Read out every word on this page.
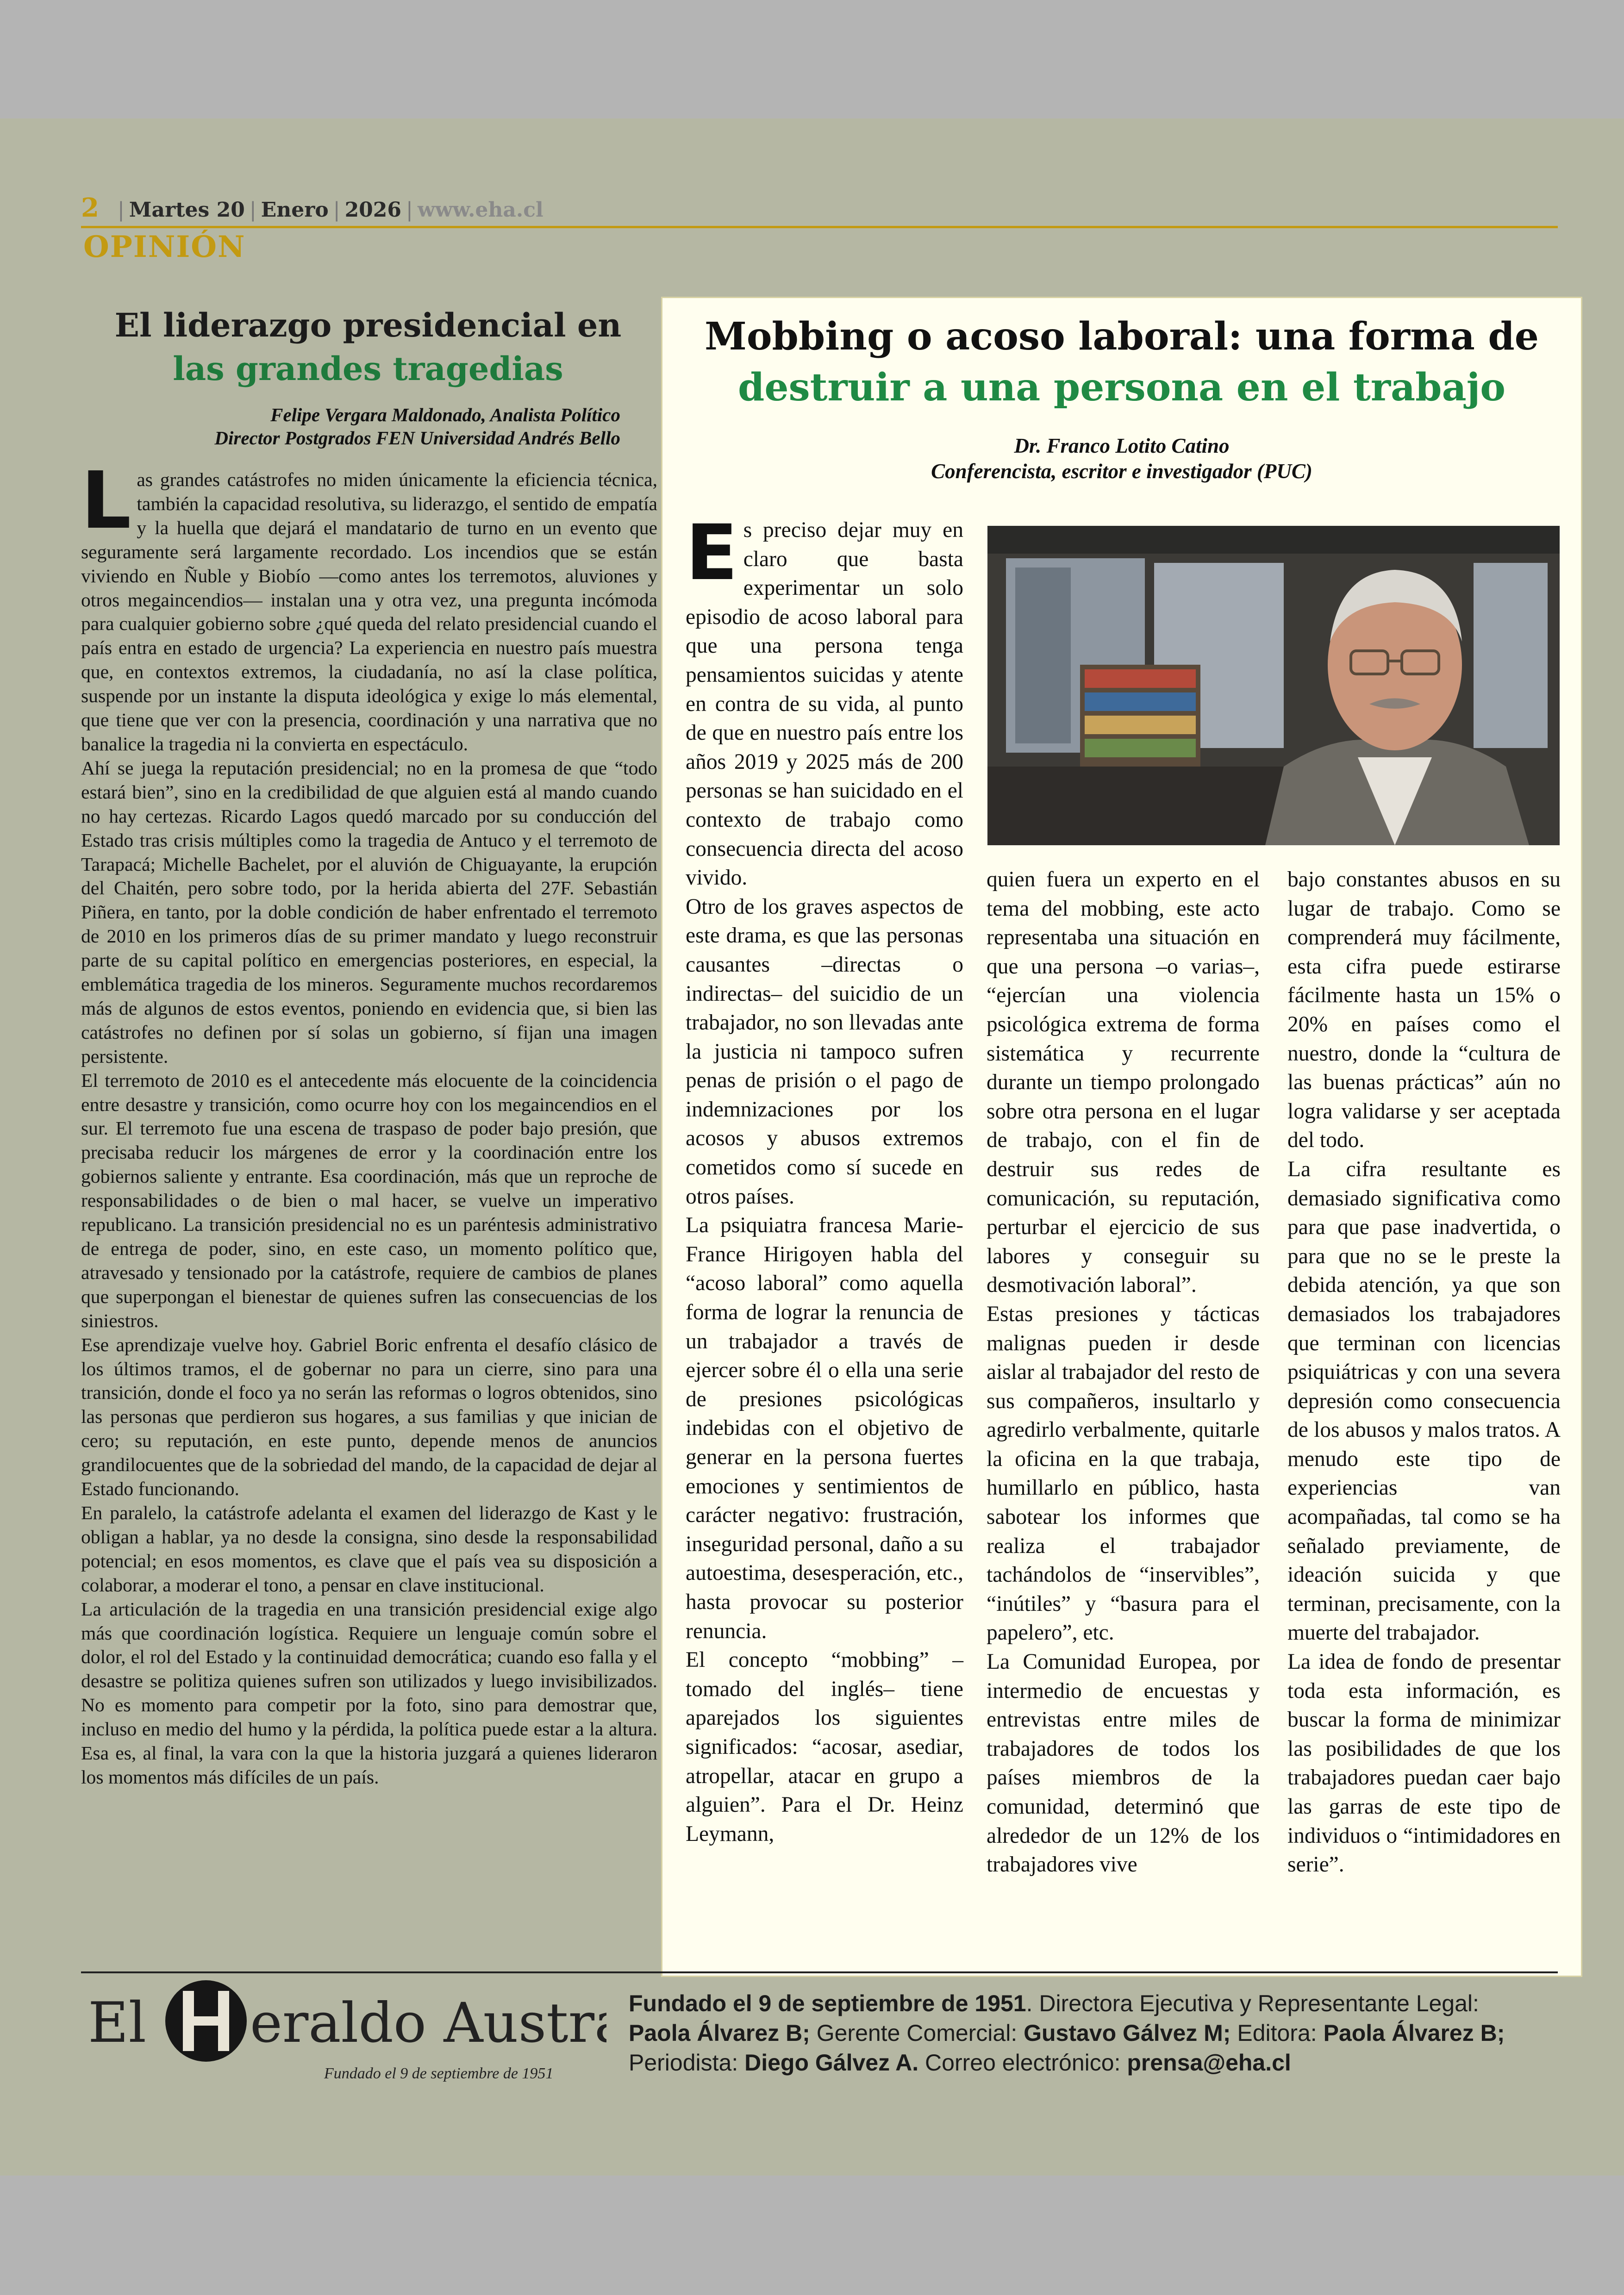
2 | Martes 20 | Enero | 2026 | www.eha.cl
OPINIÓN
El liderazgo presidencial en
las grandes tragedias
Felipe Vergara Maldonado, Analista Político
Director Postgrados FEN Universidad Andrés Bello
L as grandes catástrofes no miden únicamente la eficiencia técnica, también la capacidad resolutiva, su liderazgo, el sentido de empatía y la huella que dejará el mandatario de turno en un evento que seguramente será largamente recordado. Los incendios que se están viviendo en Ñuble y Biobío —como antes los terremotos, aluviones y otros megaincendios— instalan una y otra vez, una pregunta incómoda para cualquier gobierno sobre ¿qué queda del relato presidencial cuando el país entra en estado de urgencia? La experiencia en nuestro país muestra que, en contextos extremos, la ciudadanía, no así la clase política, suspende por un instante la disputa ideológica y exige lo más elemental, que tiene que ver con la presencia, coordinación y una narrativa que no banalice la tragedia ni la convierta en espectáculo.

Ahí se juega la reputación presidencial; no en la promesa de que “todo estará bien”, sino en la credibilidad de que alguien está al mando cuando no hay certezas. Ricardo Lagos quedó marcado por su conducción del Estado tras crisis múltiples como la tragedia de Antuco y el terremoto de Tarapacá; Michelle Bachelet, por el aluvión de Chiguayante, la erupción del Chaitén, pero sobre todo, por la herida abierta del 27F. Sebastián Piñera, en tanto, por la doble condición de haber enfrentado el terremoto de 2010 en los primeros días de su primer mandato y luego reconstruir parte de su capital político en emergencias posteriores, en especial, la emblemática tragedia de los mineros. Seguramente muchos recordaremos más de algunos de estos eventos, poniendo en evidencia que, si bien las catástrofes no definen por sí solas un gobierno, sí fijan una imagen persistente.

El terremoto de 2010 es el antecedente más elocuente de la coincidencia entre desastre y transición, como ocurre hoy con los megaincendios en el sur. El terremoto fue una escena de traspaso de poder bajo presión, que precisaba reducir los márgenes de error y la coordinación entre los gobiernos saliente y entrante. Esa coordinación, más que un reproche de responsabilidades o de bien o mal hacer, se vuelve un imperativo republicano. La transición presidencial no es un paréntesis administrativo de entrega de poder, sino, en este caso, un momento político que, atravesado y tensionado por la catástrofe, requiere de cambios de planes que superpongan el bienestar de quienes sufren las consecuencias de los siniestros.

Ese aprendizaje vuelve hoy. Gabriel Boric enfrenta el desafío clásico de los últimos tramos, el de gobernar no para un cierre, sino para una transición, donde el foco ya no serán las reformas o logros obtenidos, sino las personas que perdieron sus hogares, a sus familias y que inician de cero; su reputación, en este punto, depende menos de anuncios grandilocuentes que de la sobriedad del mando, de la capacidad de dejar al Estado funcionando.

En paralelo, la catástrofe adelanta el examen del liderazgo de Kast y le obligan a hablar, ya no desde la consigna, sino desde la responsabilidad potencial; en esos momentos, es clave que el país vea su disposición a colaborar, a moderar el tono, a pensar en clave institucional.

La articulación de la tragedia en una transición presidencial exige algo más que coordinación logística. Requiere un lenguaje común sobre el dolor, el rol del Estado y la continuidad democrática; cuando eso falla y el desastre se politiza quienes sufren son utilizados y luego invisibilizados. No es momento para competir por la foto, sino para demostrar que, incluso en medio del humo y la pérdida, la política puede estar a la altura. Esa es, al final, la vara con la que la historia juzgará a quienes lideraron los momentos más difíciles de un país.

Mobbing o acoso laboral: una forma de
destruir a una persona en el trabajo
Dr. Franco Lotito Catino
Conferencista, escritor e investigador (PUC)
E s preciso dejar muy en claro que basta experimentar un solo episodio de acoso laboral para que una persona tenga pensamientos suicidas y atente en contra de su vida, al punto de que en nuestro país entre los años 2019 y 2025 más de 200 personas se han suicidado en el contexto de trabajo como consecuencia directa del acoso vivido.

Otro de los graves aspectos de este drama, es que las personas causantes –directas o indirectas– del suicidio de un trabajador, no son llevadas ante la justicia ni tampoco sufren penas de prisión o el pago de indemnizaciones por los acosos y abusos extremos cometidos como sí sucede en otros países.

La psiquiatra francesa Marie-France Hirigoyen habla del “acoso laboral” como aquella forma de lograr la renuncia de un trabajador a través de ejercer sobre él o ella una serie de presiones psicológicas indebidas con el objetivo de generar en la persona fuertes emociones y sentimientos de carácter negativo: frustración, inseguridad personal, daño a su autoestima, desesperación, etc., hasta provocar su posterior renuncia.

El concepto “mobbing” –tomado del inglés– tiene aparejados los siguientes significados: “acosar, asediar, atropellar, atacar en grupo a alguien”. Para el Dr. Heinz Leymann,

quien fuera un experto en el tema del mobbing, este acto representaba una situación en que una persona –o varias–, “ejercían una violencia psicológica extrema de forma sistemática y recurrente durante un tiempo prolongado sobre otra persona en el lugar de trabajo, con el fin de destruir sus redes de comunicación, su reputación, perturbar el ejercicio de sus labores y conseguir su desmotivación laboral”.

Estas presiones y tácticas malignas pueden ir desde aislar al trabajador del resto de sus compañeros, insultarlo y agredirlo verbalmente, quitarle la oficina en la que trabaja, humillarlo en público, hasta sabotear los informes que realiza el trabajador tachándolos de “inservibles”, “inútiles” y “basura para el papelero”, etc.

La Comunidad Europea, por intermedio de encuestas y entrevistas entre miles de trabajadores de todos los países miembros de la comunidad, determinó que alrededor de un 12% de los trabajadores vive

bajo constantes abusos en su lugar de trabajo. Como se comprenderá muy fácilmente, esta cifra puede estirarse fácilmente hasta un 15% o 20% en países como el nuestro, donde la “cultura de las buenas prácticas” aún no logra validarse y ser aceptada del todo.

La cifra resultante es demasiado significativa como para que pase inadvertida, o para que no se le preste la debida atención, ya que son demasiados los trabajadores que terminan con licencias psiquiátricas y con una severa depresión como consecuencia de los abusos y malos tratos. A menudo este tipo de experiencias van acompañadas, tal como se ha señalado previamente, de ideación suicida y que terminan, precisamente, con la muerte del trabajador.

La idea de fondo de presentar toda esta información, es buscar la forma de minimizar las posibilidades de que los trabajadores puedan caer bajo las garras de este tipo de individuos o “intimidadores en serie”.

El eraldo Austral
Fundado el 9 de septiembre de 1951
Fundado el 9 de septiembre de 1951. Directora Ejecutiva y Representante Legal:
Paola Álvarez B; Gerente Comercial: Gustavo Gálvez M; Editora: Paola Álvarez B;
Periodista: Diego Gálvez A. Correo electrónico: prensa@eha.cl
